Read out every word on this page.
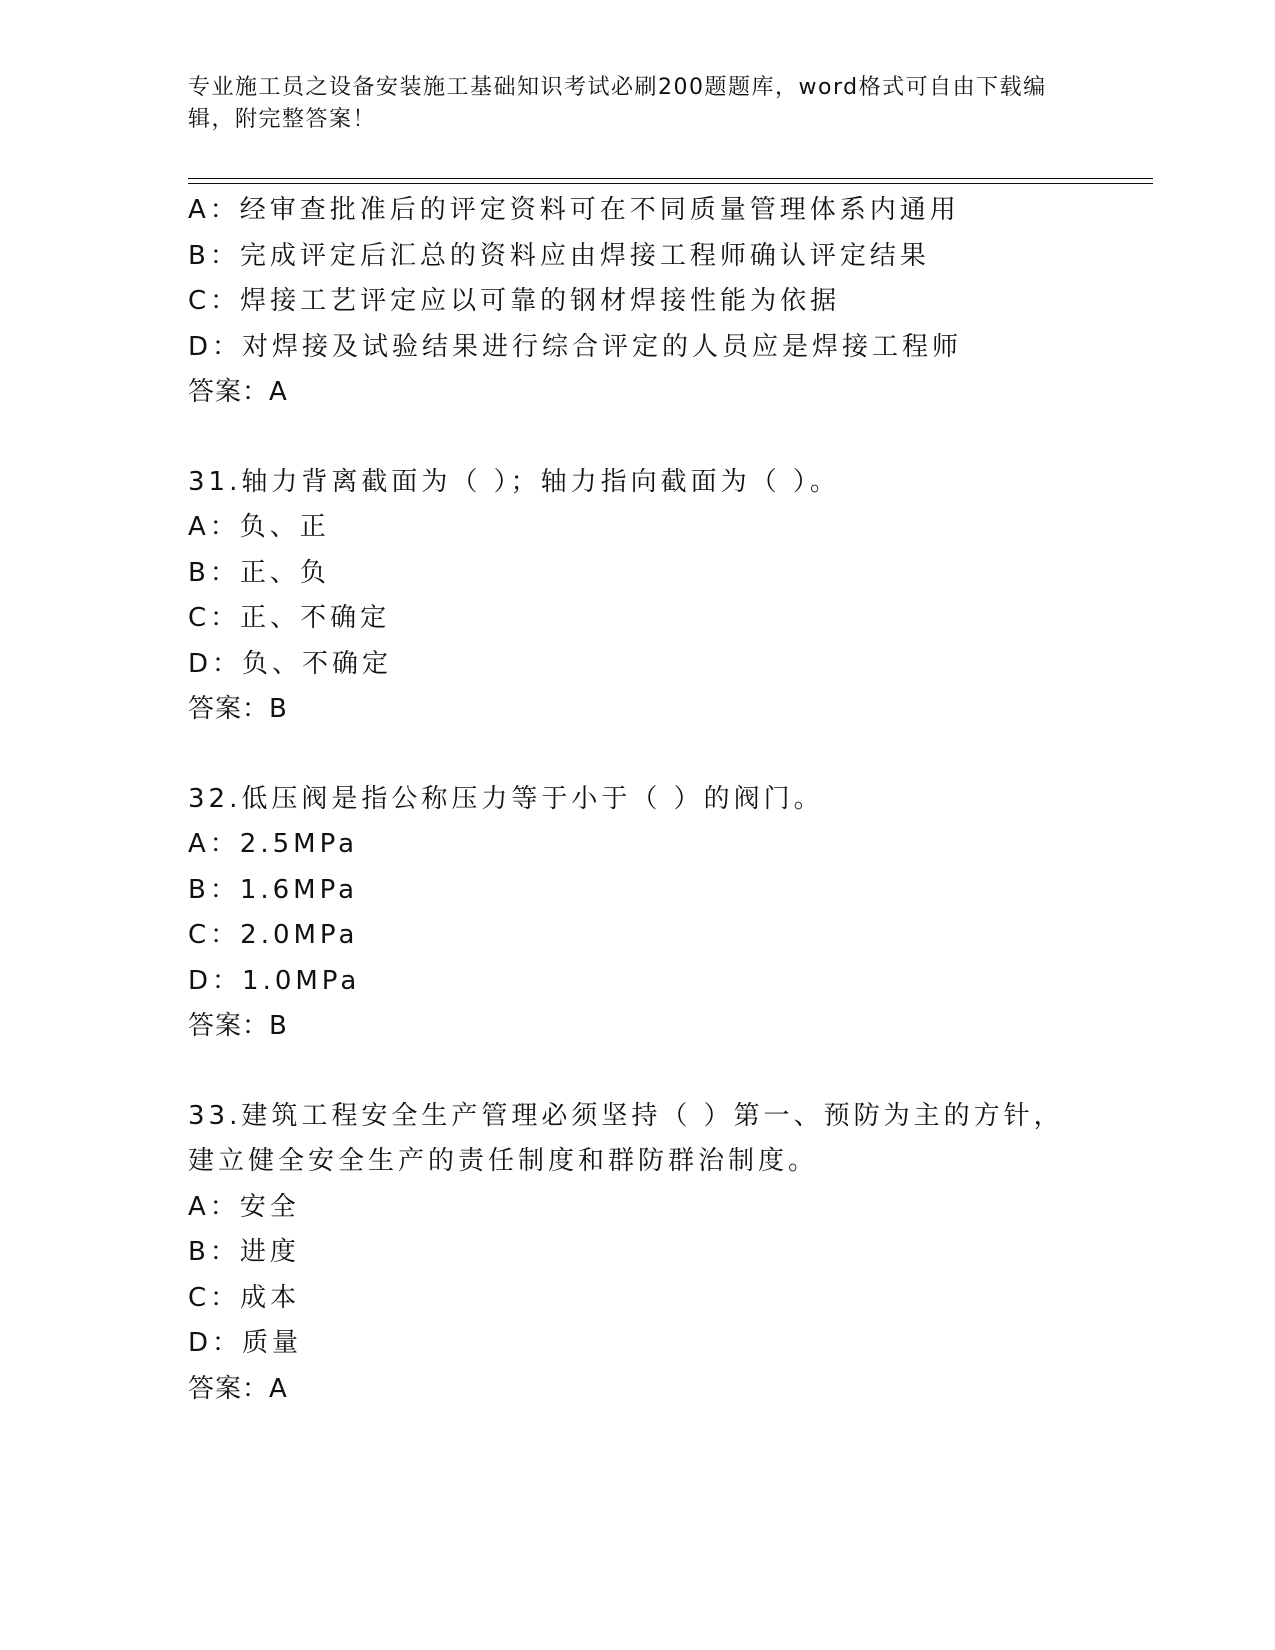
专业施工员之设备安装施工基础知识考试必刷200题题库，word格式可自由下载编辑，附完整答案！
A：经审查批准后的评定资料可在不同质量管理体系内通用
B：完成评定后汇总的资料应由焊接工程师确认评定结果
C：焊接工艺评定应以可靠的钢材焊接性能为依据
D：对焊接及试验结果进行综合评定的人员应是焊接工程师
答案：A
31.轴力背离截面为（ ）；轴力指向截面为（ ）。
A：负、正
B：正、负
C：正、不确定
D：负、不确定
答案：B
32.低压阀是指公称压力等于小于（ ）的阀门。
A：2.5MPa
B：1.6MPa
C：2.0MPa
D：1.0MPa
答案：B
33.建筑工程安全生产管理必须坚持（ ）第一、预防为主的方针，建立健全安全生产的责任制度和群防群治制度。
A：安全
B：进度
C：成本
D：质量
答案：A
